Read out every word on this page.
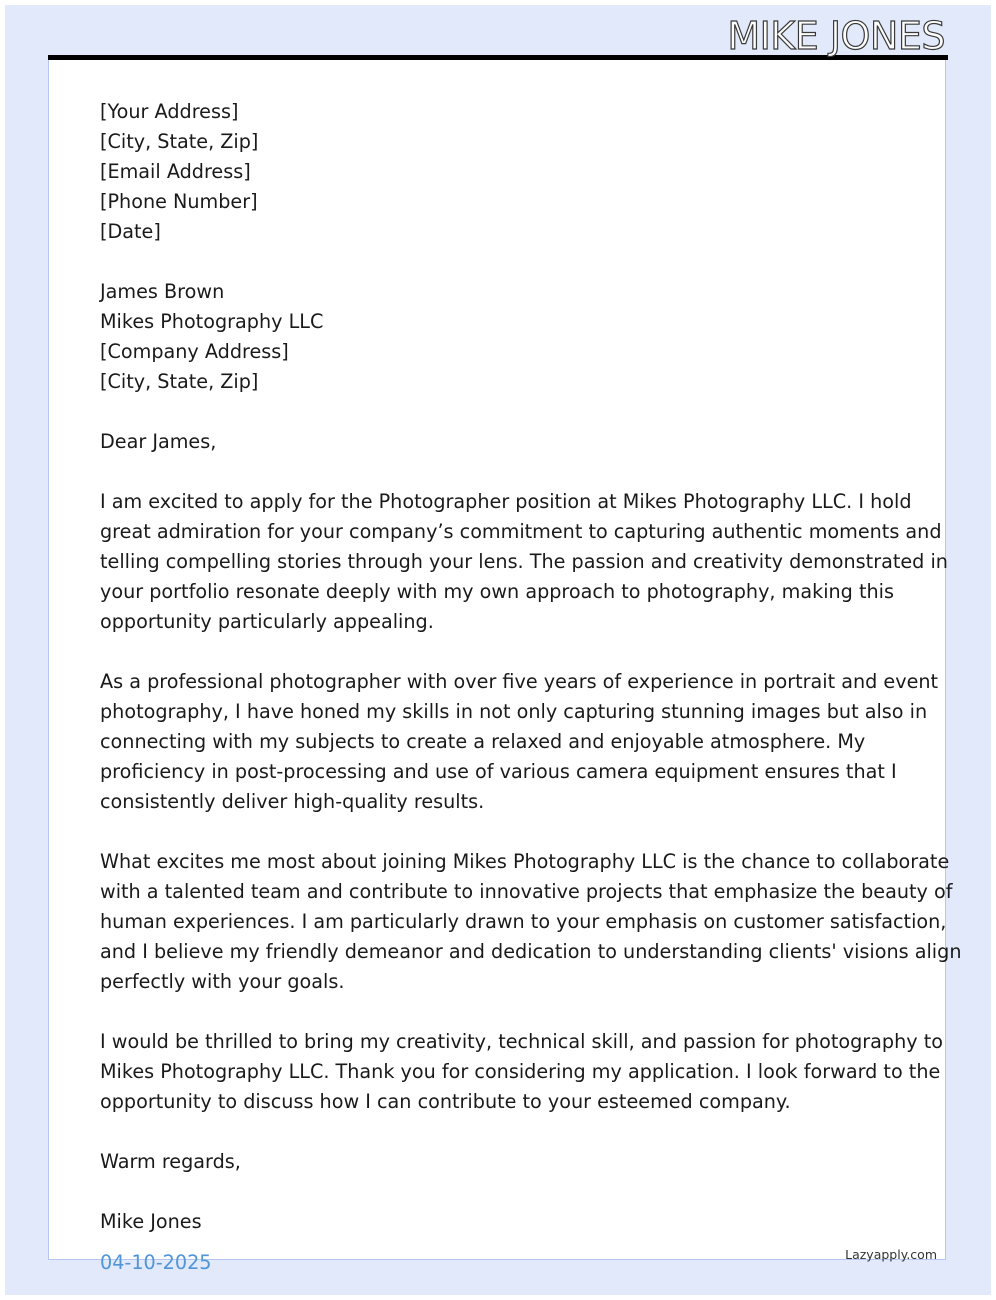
MIKE JONES
[Your Address]
[City, State, Zip]
[Email Address]
[Phone Number]
[Date]
James Brown
Mikes Photography LLC
[Company Address]
[City, State, Zip]
Dear James,
I am excited to apply for the Photographer position at Mikes Photography LLC. I hold
great admiration for your company’s commitment to capturing authentic moments and
telling compelling stories through your lens. The passion and creativity demonstrated in
your portfolio resonate deeply with my own approach to photography, making this
opportunity particularly appealing.
As a professional photographer with over five years of experience in portrait and event
photography, I have honed my skills in not only capturing stunning images but also in
connecting with my subjects to create a relaxed and enjoyable atmosphere. My
proficiency in post-processing and use of various camera equipment ensures that I
consistently deliver high-quality results.
What excites me most about joining Mikes Photography LLC is the chance to collaborate
with a talented team and contribute to innovative projects that emphasize the beauty of
human experiences. I am particularly drawn to your emphasis on customer satisfaction,
and I believe my friendly demeanor and dedication to understanding clients' visions align
perfectly with your goals.
I would be thrilled to bring my creativity, technical skill, and passion for photography to
Mikes Photography LLC. Thank you for considering my application. I look forward to the
opportunity to discuss how I can contribute to your esteemed company.
Warm regards,
Mike Jones
04-10-2025	Lazyapply.com
